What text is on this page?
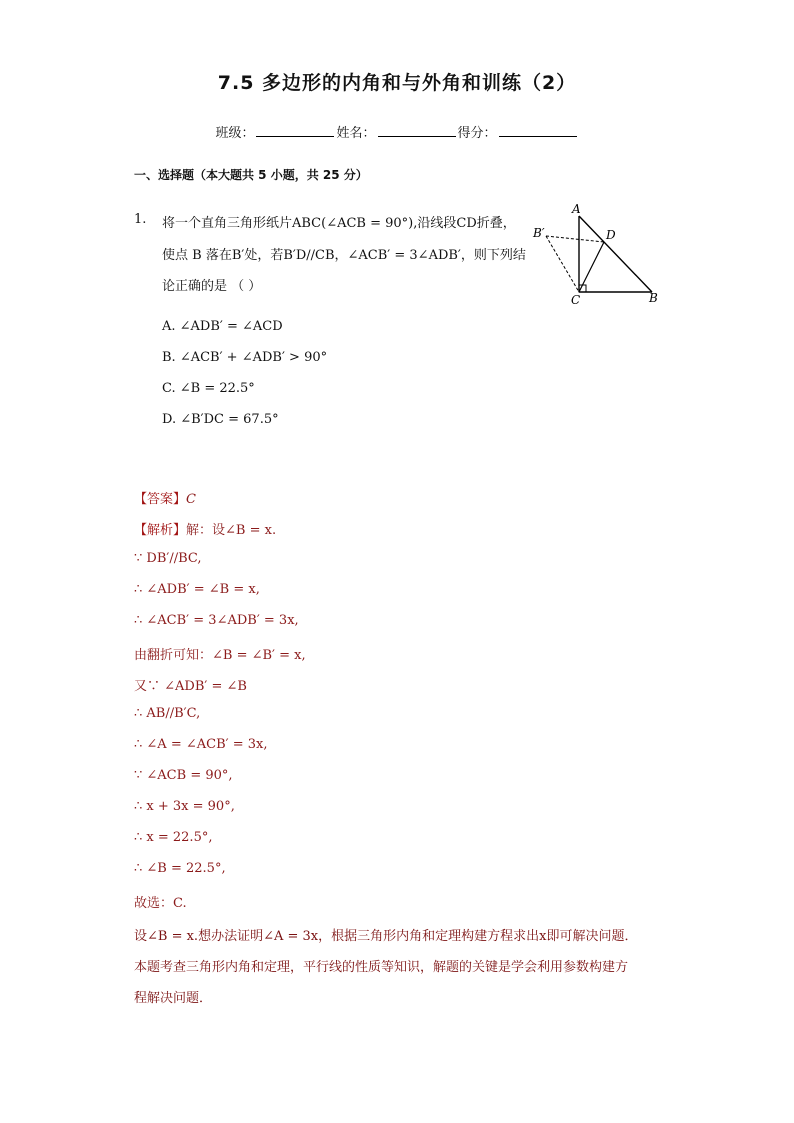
7.5 多边形的内角和与外角和训练（2）
班级：	姓名：	得分：
一、选择题（本大题共 5 小题，共 25 分）
1. 将一个直角三角形纸片ABC(∠ACB = 90°),沿线段CD折叠，
使点 B 落在B′处，若B′D//CB，∠ACB′ = 3∠ADB′，则下列结
论正确的是 （ ）
A. ∠ADB′ = ∠ACD
B. ∠ACB′ + ∠ADB′ > 90°
C. ∠B = 22.5°
D. ∠B′DC = 67.5°
A
D
B′
C	B
【答案】C
【解析】解：设∠B = x.
∵ DB′//BC,
∴ ∠ADB′ = ∠B = x,
∴ ∠ACB′ = 3∠ADB′ = 3x,
由翻折可知：∠B = ∠B′ = x,
又∵ ∠ADB′ = ∠B
∴ AB//B′C,
∴ ∠A = ∠ACB′ = 3x,
∵ ∠ACB = 90°,
∴ x + 3x = 90°,
∴ x = 22.5°,
∴ ∠B = 22.5°,
故选：C.
设∠B = x.想办法证明∠A = 3x，根据三角形内角和定理构建方程求出x即可解决问题．
本题考查三角形内角和定理，平行线的性质等知识，解题的关键是学会利用参数构建方
程解决问题．
